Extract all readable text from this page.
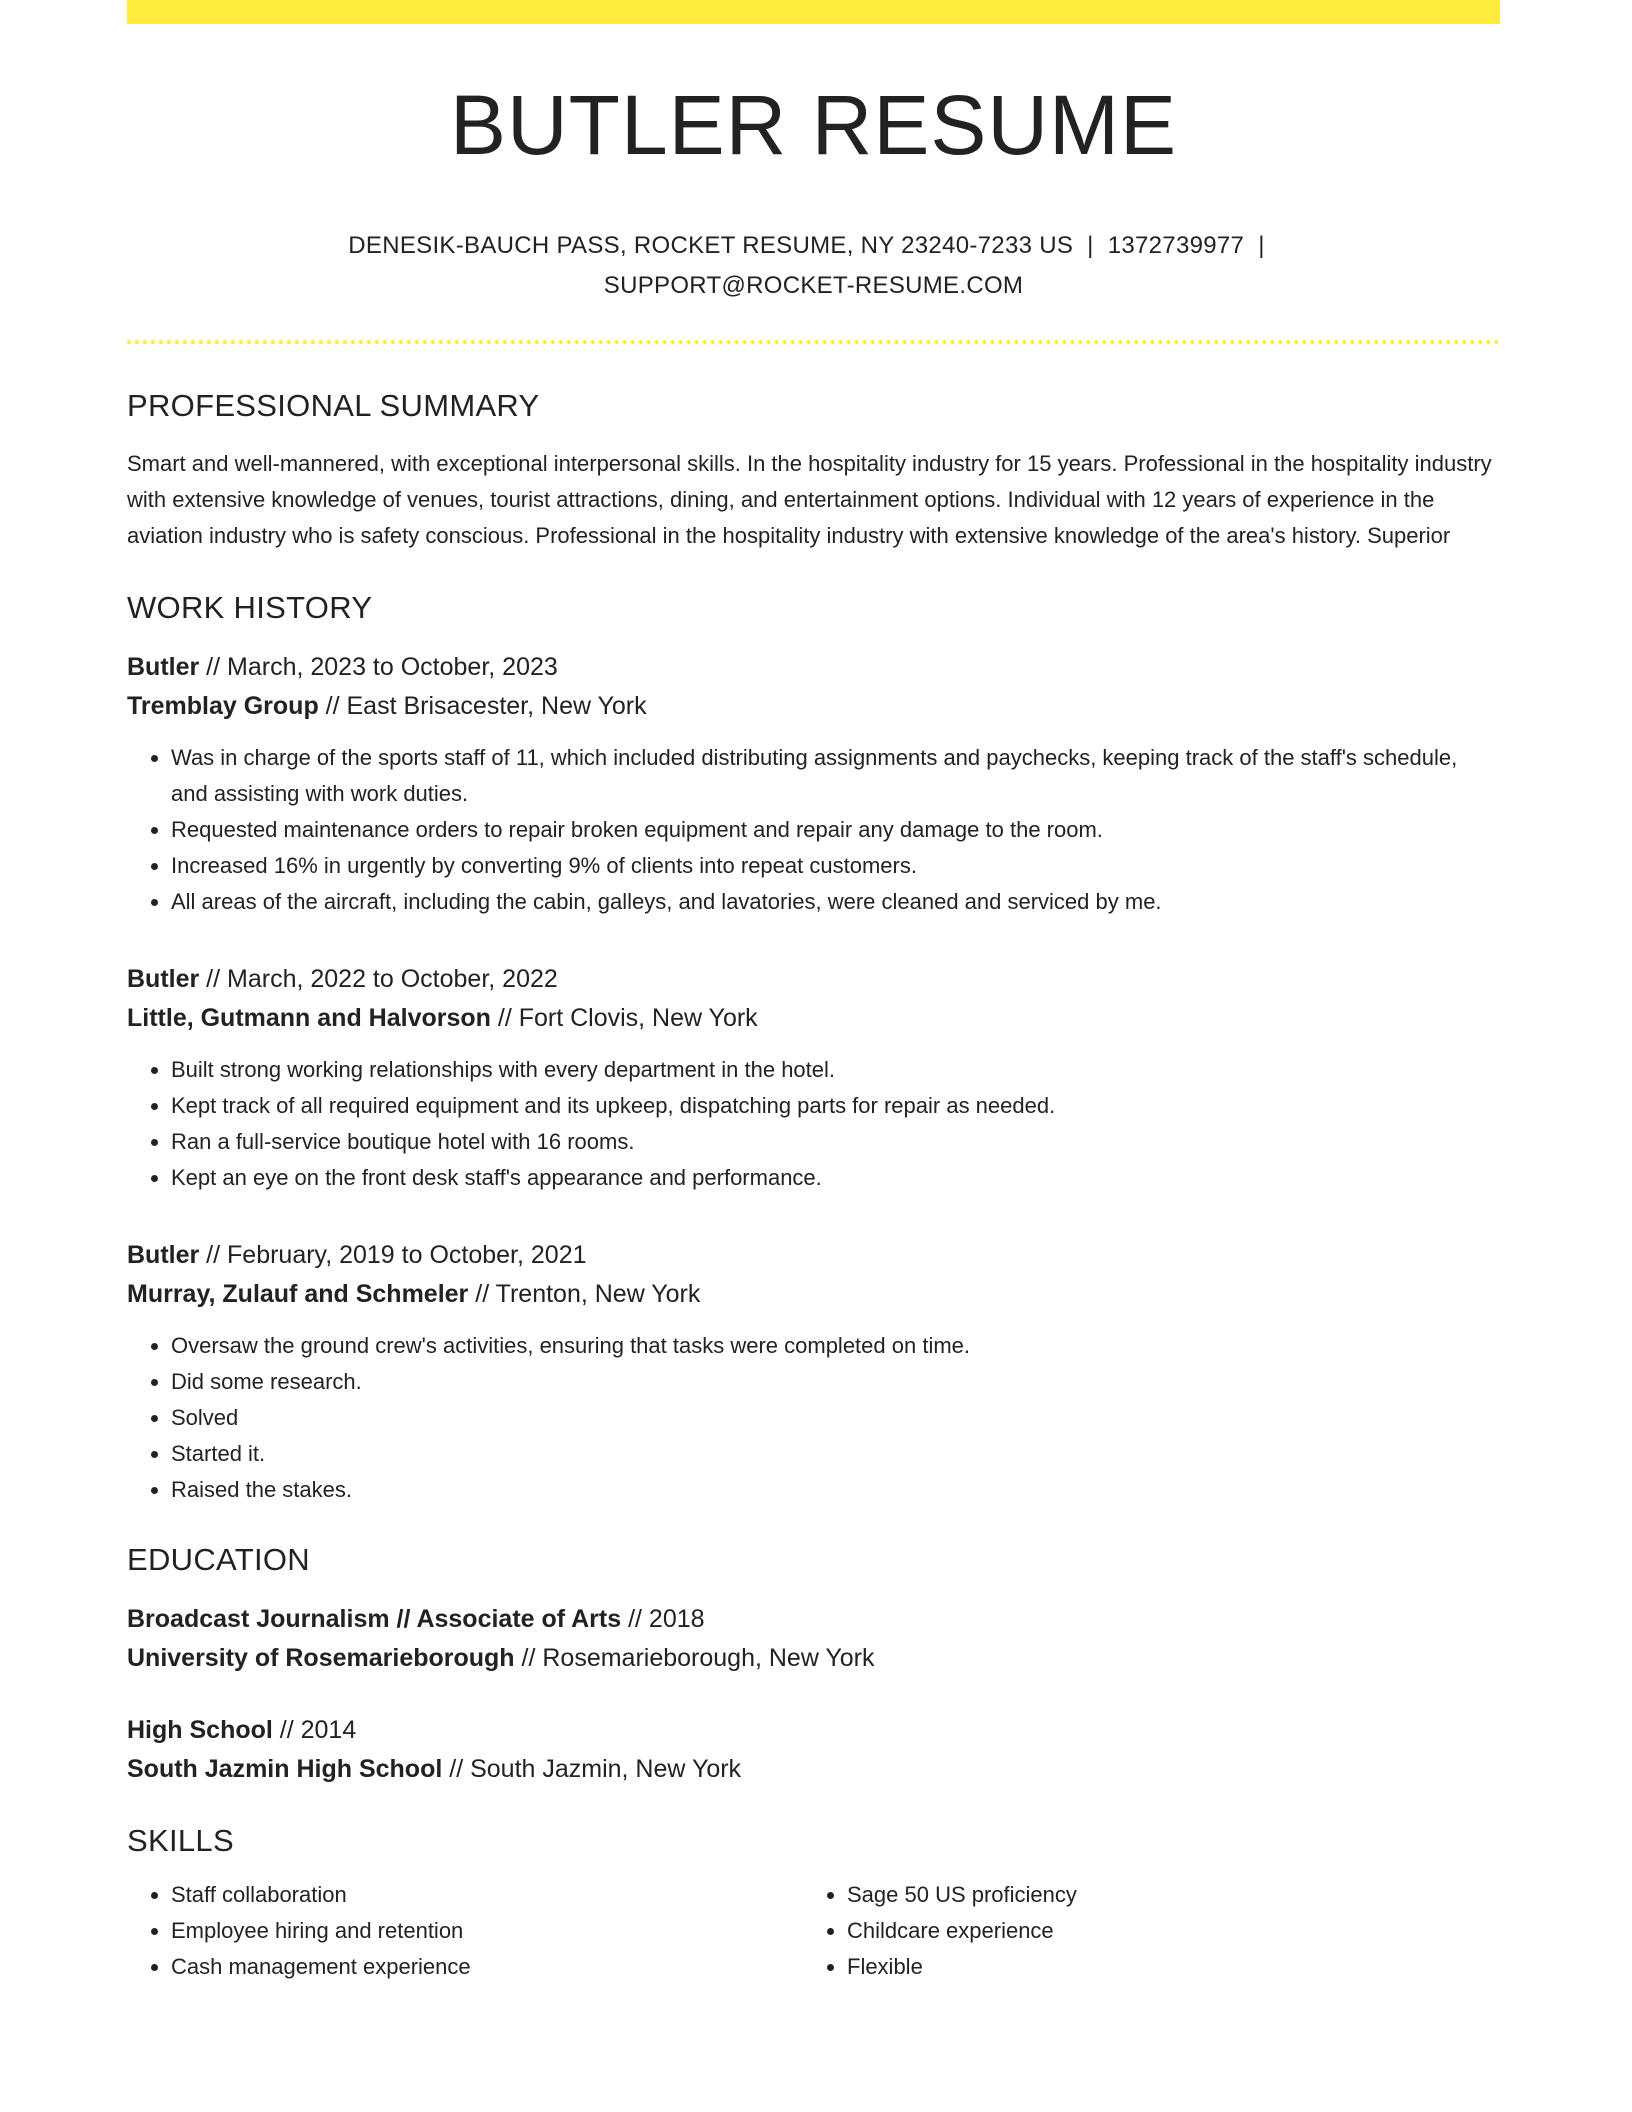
BUTLER RESUME
DENESIK-BAUCH PASS, ROCKET RESUME, NY 23240-7233 US | 1372739977 |
SUPPORT@ROCKET-RESUME.COM
PROFESSIONAL SUMMARY
Smart and well-mannered, with exceptional interpersonal skills. In the hospitality industry for 15 years. Professional in the hospitality industry with extensive knowledge of venues, tourist attractions, dining, and entertainment options. Individual with 12 years of experience in the aviation industry who is safety conscious. Professional in the hospitality industry with extensive knowledge of the area's history. Superior
WORK HISTORY
Butler // March, 2023 to October, 2023
Tremblay Group // East Brisacester, New York
• Was in charge of the sports staff of 11, which included distributing assignments and paychecks, keeping track of the staff's schedule, and assisting with work duties.
• Requested maintenance orders to repair broken equipment and repair any damage to the room.
• Increased 16% in urgently by converting 9% of clients into repeat customers.
• All areas of the aircraft, including the cabin, galleys, and lavatories, were cleaned and serviced by me.
Butler // March, 2022 to October, 2022
Little, Gutmann and Halvorson // Fort Clovis, New York
• Built strong working relationships with every department in the hotel.
• Kept track of all required equipment and its upkeep, dispatching parts for repair as needed.
• Ran a full-service boutique hotel with 16 rooms.
• Kept an eye on the front desk staff's appearance and performance.
Butler // February, 2019 to October, 2021
Murray, Zulauf and Schmeler // Trenton, New York
• Oversaw the ground crew's activities, ensuring that tasks were completed on time.
• Did some research.
• Solved
• Started it.
• Raised the stakes.
EDUCATION
Broadcast Journalism // Associate of Arts // 2018
University of Rosemarieborough // Rosemarieborough, New York
High School // 2014
South Jazmin High School // South Jazmin, New York
SKILLS
• Staff collaboration
• Employee hiring and retention
• Cash management experience
• Sage 50 US proficiency
• Childcare experience
• Flexible
